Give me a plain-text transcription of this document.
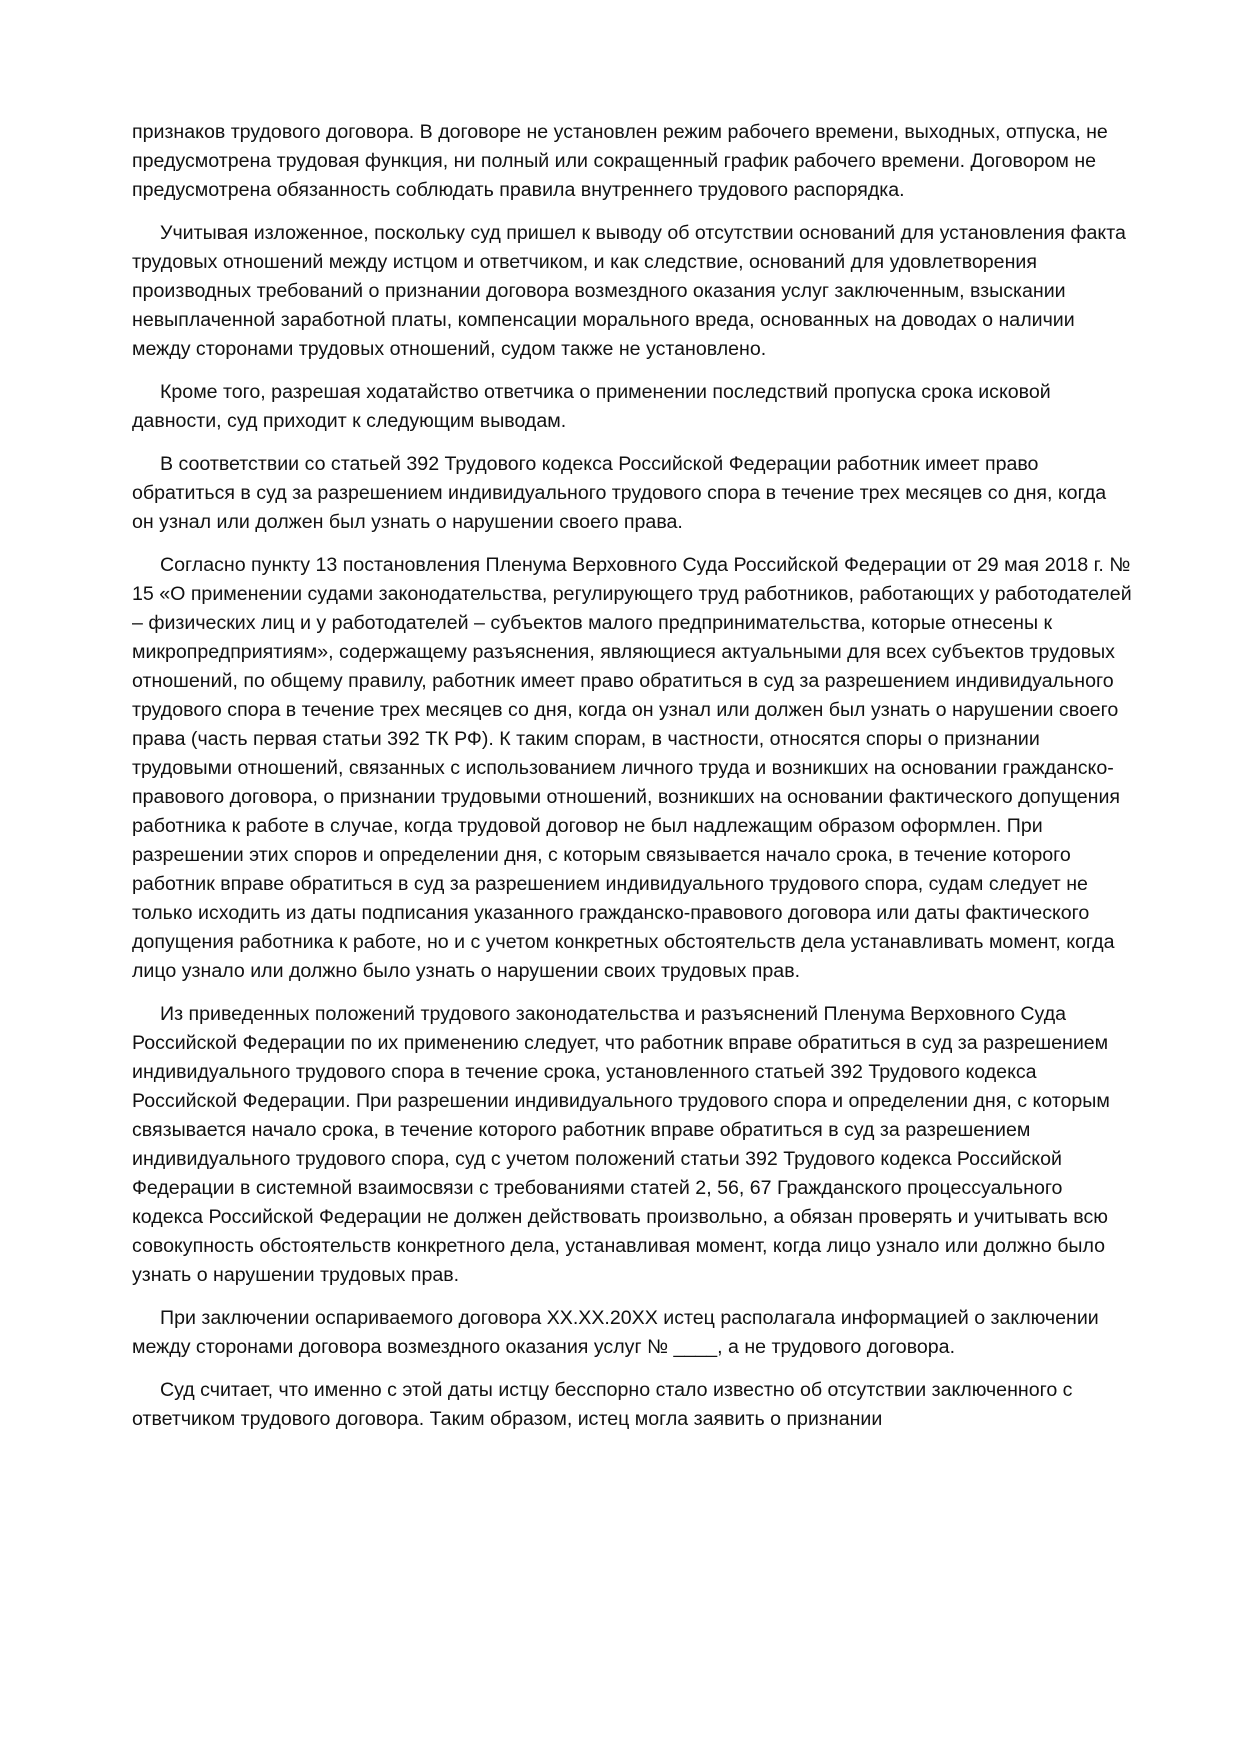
признаков трудового договора. В договоре не установлен режим рабочего времени, выходных, отпуска, не предусмотрена трудовая функция, ни полный или сокращенный график рабочего времени. Договором не предусмотрена обязанность соблюдать правила внутреннего трудового распорядка.

Учитывая изложенное, поскольку суд пришел к выводу об отсутствии оснований для установления факта трудовых отношений между истцом и ответчиком, и как следствие, оснований для удовлетворения производных требований о признании договора возмездного оказания услуг заключенным, взыскании невыплаченной заработной платы, компенсации морального вреда, основанных на доводах о наличии между сторонами трудовых отношений, судом также не установлено.

Кроме того, разрешая ходатайство ответчика о применении последствий пропуска срока исковой давности, суд приходит к следующим выводам.

В соответствии со статьей 392 Трудового кодекса Российской Федерации работник имеет право обратиться в суд за разрешением индивидуального трудового спора в течение трех месяцев со дня, когда он узнал или должен был узнать о нарушении своего права.

Согласно пункту 13 постановления Пленума Верховного Суда Российской Федерации от 29 мая 2018 г. № 15 «О применении судами законодательства, регулирующего труд работников, работающих у работодателей – физических лиц и у работодателей – субъектов малого предпринимательства, которые отнесены к микропредприятиям», содержащему разъяснения, являющиеся актуальными для всех субъектов трудовых отношений, по общему правилу, работник имеет право обратиться в суд за разрешением индивидуального трудового спора в течение трех месяцев со дня, когда он узнал или должен был узнать о нарушении своего права (часть первая статьи 392 ТК РФ). К таким спорам, в частности, относятся споры о признании трудовыми отношений, связанных с использованием личного труда и возникших на основании гражданско-правового договора, о признании трудовыми отношений, возникших на основании фактического допущения работника к работе в случае, когда трудовой договор не был надлежащим образом оформлен. При разрешении этих споров и определении дня, с которым связывается начало срока, в течение которого работник вправе обратиться в суд за разрешением индивидуального трудового спора, судам следует не только исходить из даты подписания указанного гражданско-правового договора или даты фактического допущения работника к работе, но и с учетом конкретных обстоятельств дела устанавливать момент, когда лицо узнало или должно было узнать о нарушении своих трудовых прав.

Из приведенных положений трудового законодательства и разъяснений Пленума Верховного Суда Российской Федерации по их применению следует, что работник вправе обратиться в суд за разрешением индивидуального трудового спора в течение срока, установленного статьей 392 Трудового кодекса Российской Федерации. При разрешении индивидуального трудового спора и определении дня, с которым связывается начало срока, в течение которого работник вправе обратиться в суд за разрешением индивидуального трудового спора, суд с учетом положений статьи 392 Трудового кодекса Российской Федерации в системной взаимосвязи с требованиями статей 2, 56, 67 Гражданского процессуального кодекса Российской Федерации не должен действовать произвольно, а обязан проверять и учитывать всю совокупность обстоятельств конкретного дела, устанавливая момент, когда лицо узнало или должно было узнать о нарушении трудовых прав.

При заключении оспариваемого договора XX.XX.20XX истец располагала информацией о заключении между сторонами договора возмездного оказания услуг № ____, а не трудового договора.

Суд считает, что именно с этой даты истцу бесспорно стало известно об отсутствии заключенного с ответчиком трудового договора. Таким образом, истец могла заявить о признании
